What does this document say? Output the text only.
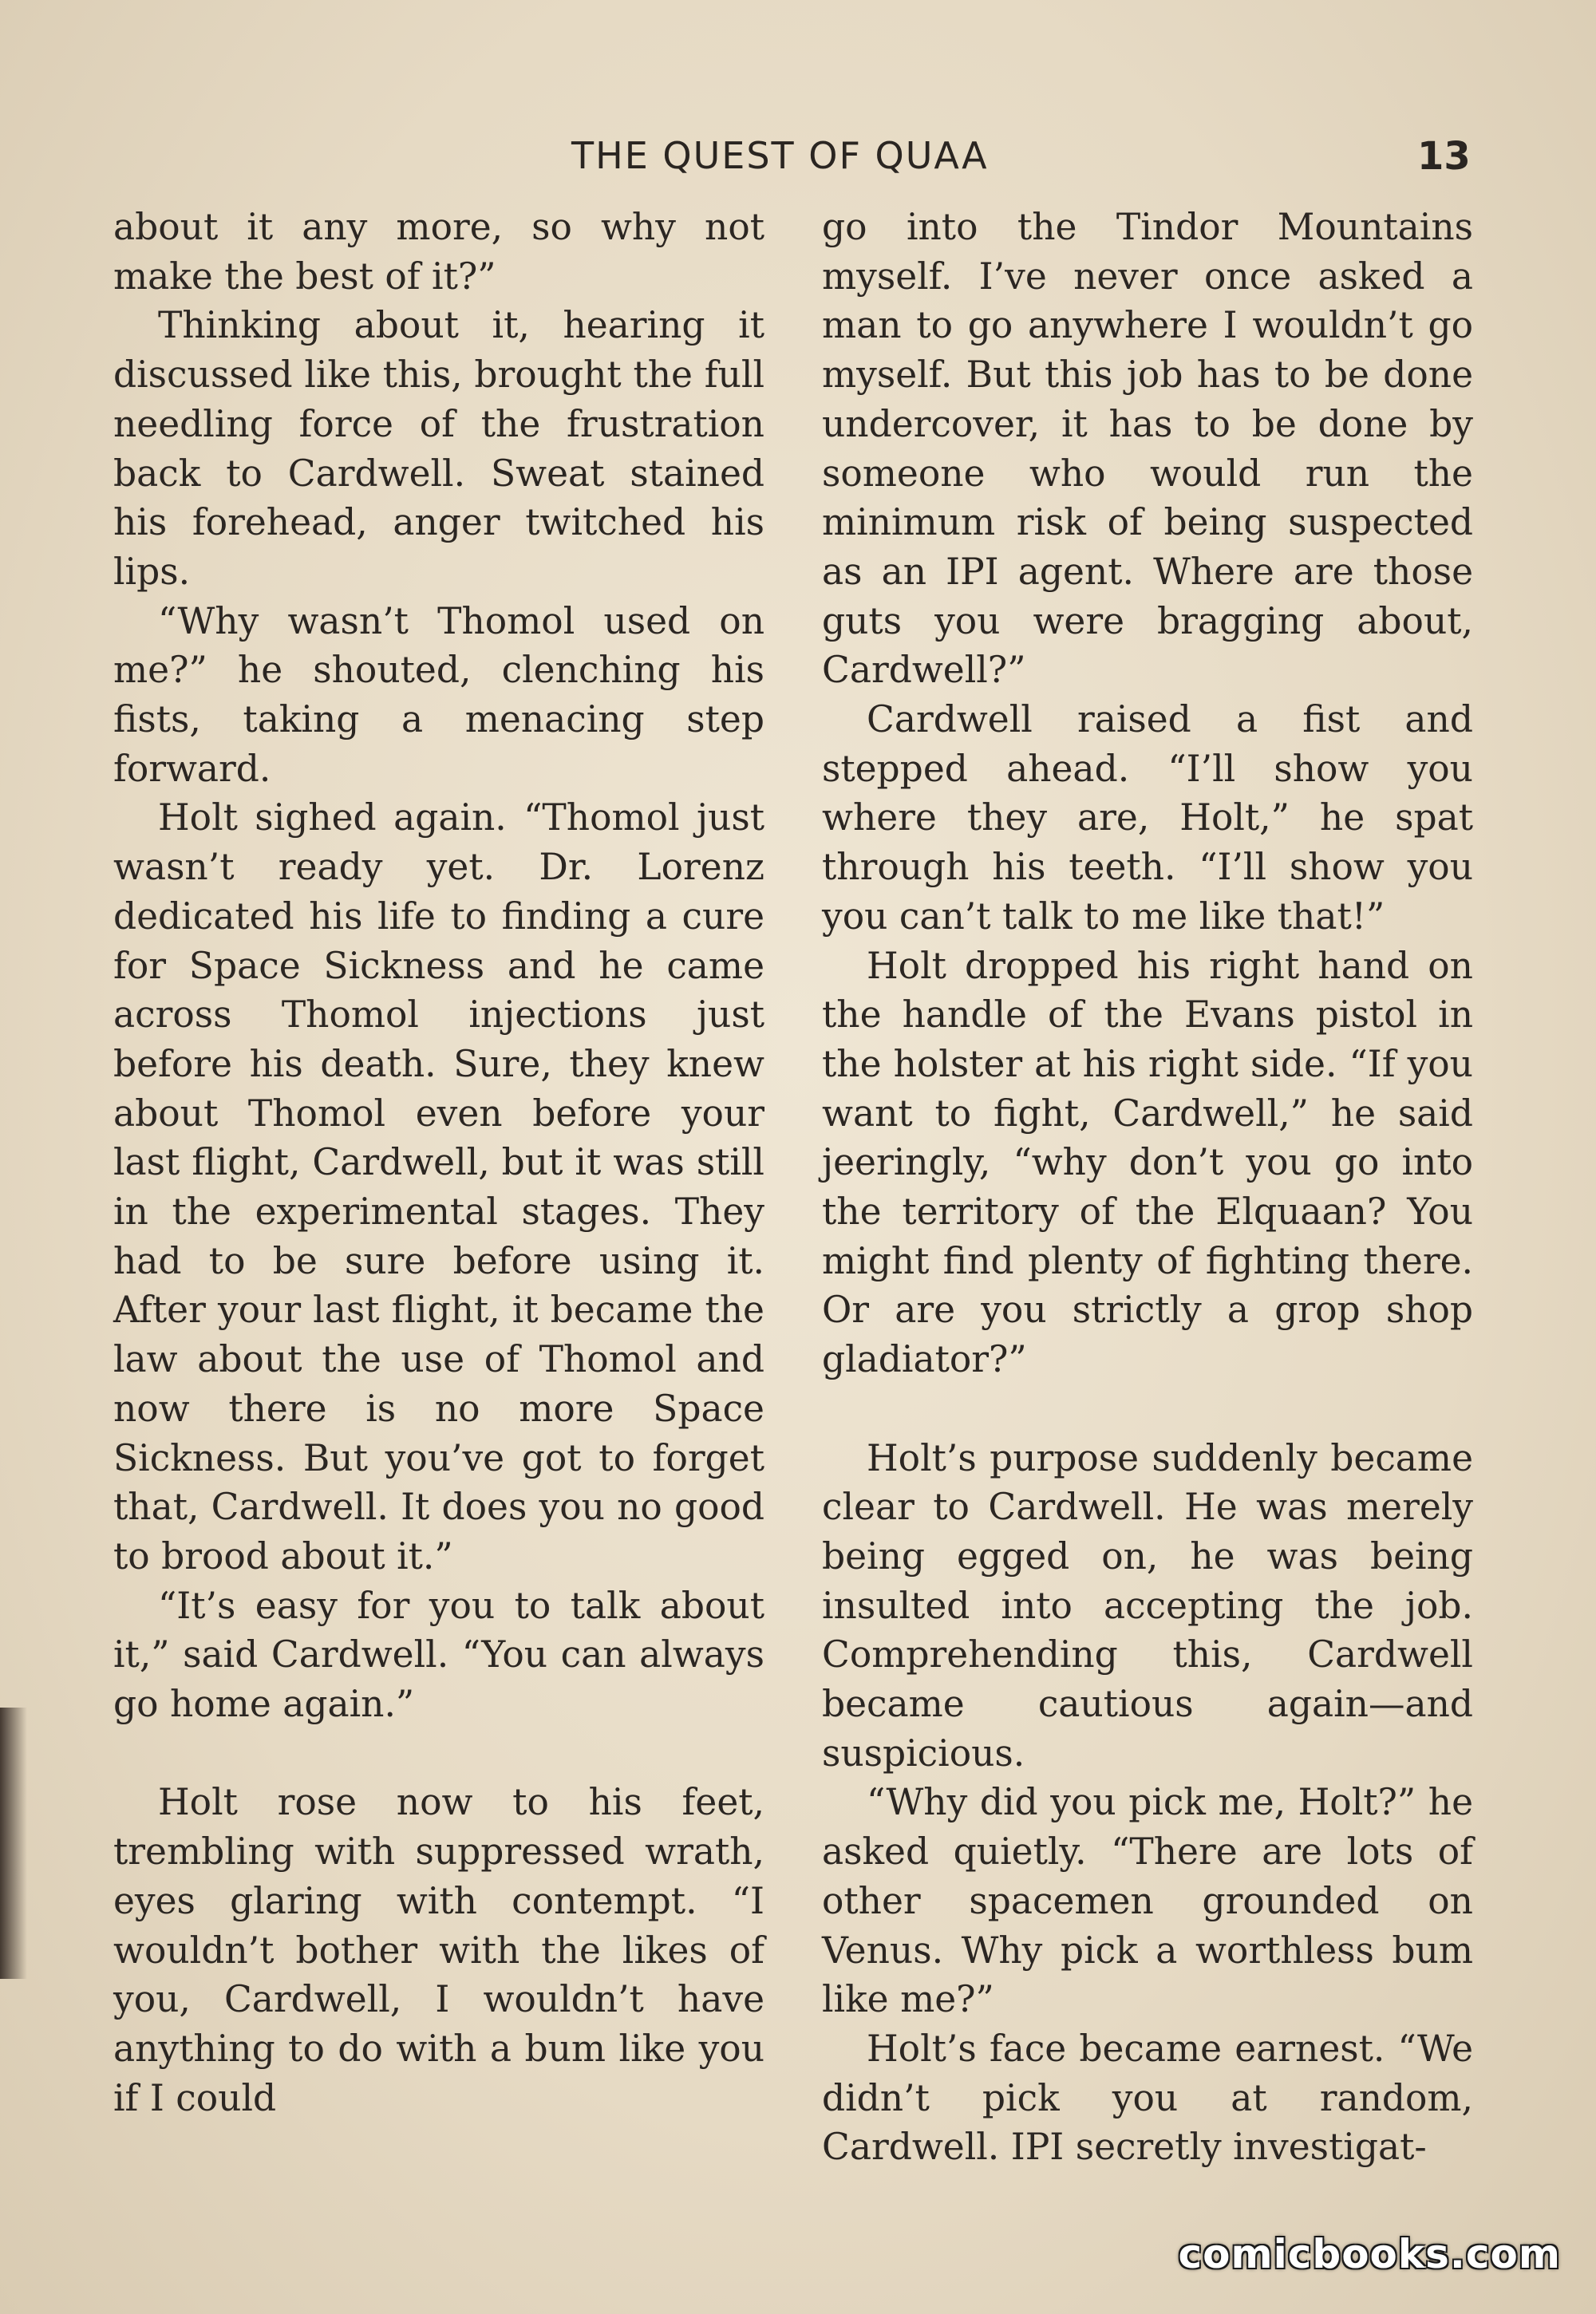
THE QUEST OF QUAA	13

about it any more, so why not make the best of it?”

Thinking about it, hearing it discussed like this, brought the full needling force of the frustration back to Cardwell. Sweat stained his forehead, anger twitched his lips.

“Why wasn’t Thomol used on me?” he shouted, clenching his fists, taking a menacing step forward.

Holt sighed again. “Thomol just wasn’t ready yet. Dr. Lorenz dedicated his life to finding a cure for Space Sickness and he came across Thomol injections just before his death. Sure, they knew about Thomol even before your last flight, Cardwell, but it was still in the experimental stages. They had to be sure before using it. After your last flight, it became the law about the use of Thomol and now there is no more Space Sickness. But you’ve got to forget that, Cardwell. It does you no good to brood about it.”

“It’s easy for you to talk about it,” said Cardwell. “You can always go home again.”

Holt rose now to his feet, trembling with suppressed wrath, eyes glaring with contempt. “I wouldn’t bother with the likes of you, Cardwell, I wouldn’t have anything to do with a bum like you if I could

go into the Tindor Mountains myself. I’ve never once asked a man to go anywhere I wouldn’t go myself. But this job has to be done undercover, it has to be done by someone who would run the minimum risk of being suspected as an IPI agent. Where are those guts you were bragging about, Cardwell?”

Cardwell raised a fist and stepped ahead. “I’ll show you where they are, Holt,” he spat through his teeth. “I’ll show you you can’t talk to me like that!”

Holt dropped his right hand on the handle of the Evans pistol in the holster at his right side. “If you want to fight, Cardwell,” he said jeeringly, “why don’t you go into the territory of the Elquaan? You might find plenty of fighting there. Or are you strictly a grop shop gladiator?”

Holt’s purpose suddenly became clear to Cardwell. He was merely being egged on, he was being insulted into accepting the job. Comprehending this, Cardwell became cautious again—and suspicious.

“Why did you pick me, Holt?” he asked quietly. “There are lots of other spacemen grounded on Venus. Why pick a worthless bum like me?”

Holt’s face became earnest. “We didn’t pick you at random, Cardwell. IPI secretly investigat-

comicbooks.com
